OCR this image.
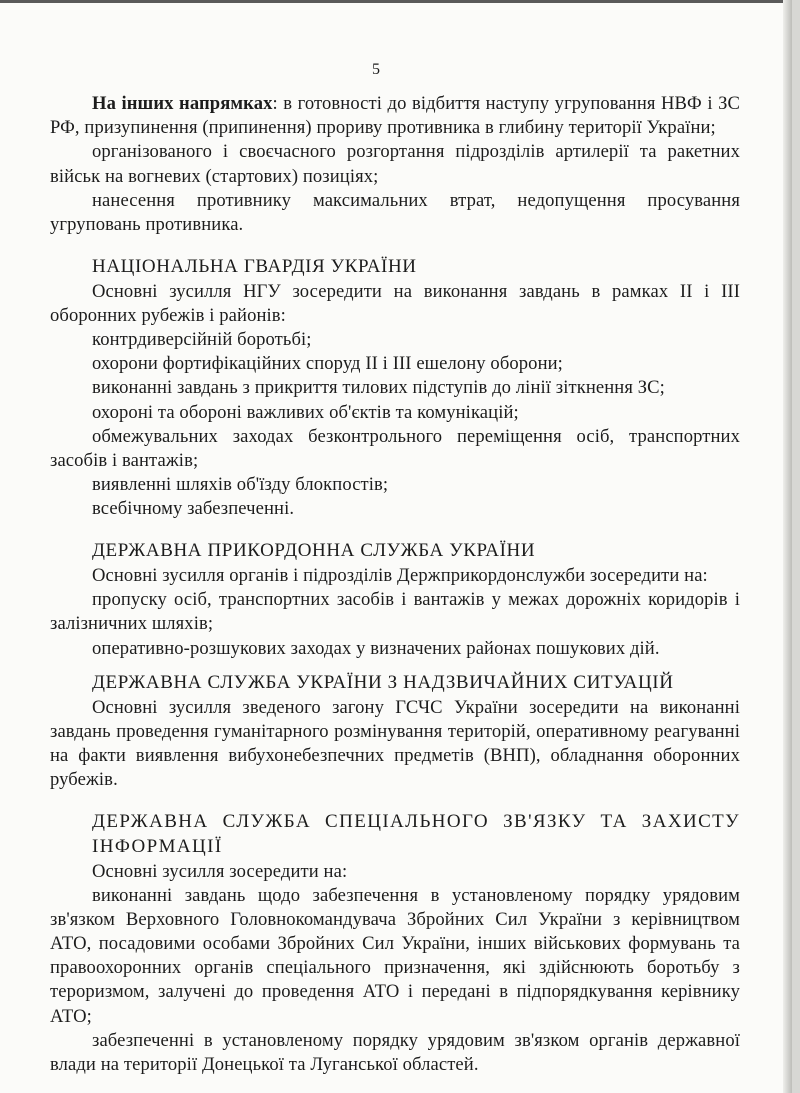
5

На інших напрямках: в готовності до відбиття наступу угруповання НВФ і ЗС РФ, призупинення (припинення) прориву противника в глибину території України;

організованого і своєчасного розгортання підрозділів артилерії та ракетних військ на вогневих (стартових) позиціях;

нанесення противнику максимальних втрат, недопущення просування угруповань противника.

НАЦІОНАЛЬНА ГВАРДІЯ УКРАЇНИ

Основні зусилля НГУ зосередити на виконання завдань в рамках ІІ і ІІІ оборонних рубежів і районів:

контрдиверсійній боротьбі;

охорони фортифікаційних споруд ІІ і ІІІ ешелону оборони;

виконанні завдань з прикриття тилових підступів до лінії зіткнення ЗС;

охороні та обороні важливих об'єктів та комунікацій;

обмежувальних заходах безконтрольного переміщення осіб, транспортних засобів і вантажів;

виявленні шляхів об'їзду блокпостів;

всебічному забезпеченні.

ДЕРЖАВНА ПРИКОРДОННА СЛУЖБА УКРАЇНИ

Основні зусилля органів і підрозділів Держприкордонслужби зосередити на:

пропуску осіб, транспортних засобів і вантажів у межах дорожніх коридорів і залізничних шляхів;

оперативно-розшукових заходах у визначених районах пошукових дій.

ДЕРЖАВНА СЛУЖБА УКРАЇНИ З НАДЗВИЧАЙНИХ СИТУАЦІЙ

Основні зусилля зведеного загону ГСЧС України зосередити на виконанні завдань проведення гуманітарного розмінування територій, оперативному реагуванні на факти виявлення вибухонебезпечних предметів (ВНП), обладнання оборонних рубежів.

ДЕРЖАВНА СЛУЖБА СПЕЦІАЛЬНОГО ЗВ'ЯЗКУ ТА ЗАХИСТУ ІНФОРМАЦІЇ

Основні зусилля зосередити на:

виконанні завдань щодо забезпечення в установленому порядку урядовим зв'язком Верховного Головнокомандувача Збройних Сил України з керівництвом АТО, посадовими особами Збройних Сил України, інших військових формувань та правоохоронних органів спеціального призначення, які здійснюють боротьбу з тероризмом, залучені до проведення АТО і передані в підпорядкування керівнику АТО;

забезпеченні в установленому порядку урядовим зв'язком органів державної влади на території Донецької та Луганської областей.
